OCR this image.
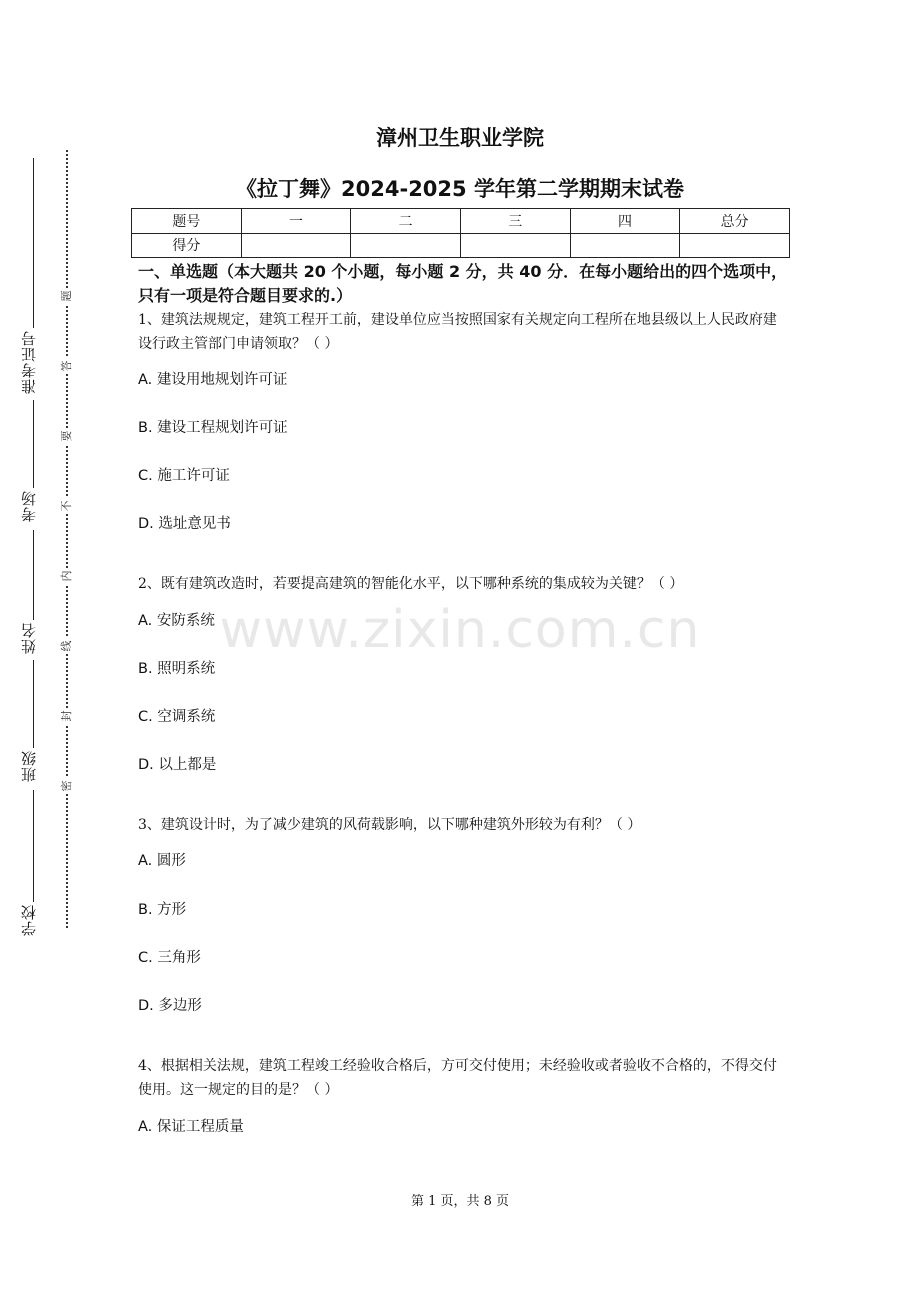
准考证号
考场
姓名
班级
学校
题
答
要
不
内
线
封
密
漳州卫生职业学院
《拉丁舞》2024-2025 学年第二学期期末试卷
题号	一	二	三	四	总分
得分					
一、单选题（本大题共 20 个小题，每小题 2 分，共 40 分．在每小题给出的四个选项中，只有一项是符合题目要求的.）
1、建筑法规规定，建筑工程开工前，建设单位应当按照国家有关规定向工程所在地县级以上人民政府建设行政主管部门申请领取？（ ）
A. 建设用地规划许可证
B. 建设工程规划许可证
C. 施工许可证
D. 选址意见书
2、既有建筑改造时，若要提高建筑的智能化水平，以下哪种系统的集成较为关键？（ ）
A. 安防系统
B. 照明系统
C. 空调系统
D. 以上都是
3、建筑设计时，为了减少建筑的风荷载影响，以下哪种建筑外形较为有利？（ ）
A. 圆形
B. 方形
C. 三角形
D. 多边形
4、根据相关法规，建筑工程竣工经验收合格后，方可交付使用；未经验收或者验收不合格的，不得交付使用。这一规定的目的是？（ ）
A. 保证工程质量
www.zixin.com.cn
第 1 页，共 8 页
